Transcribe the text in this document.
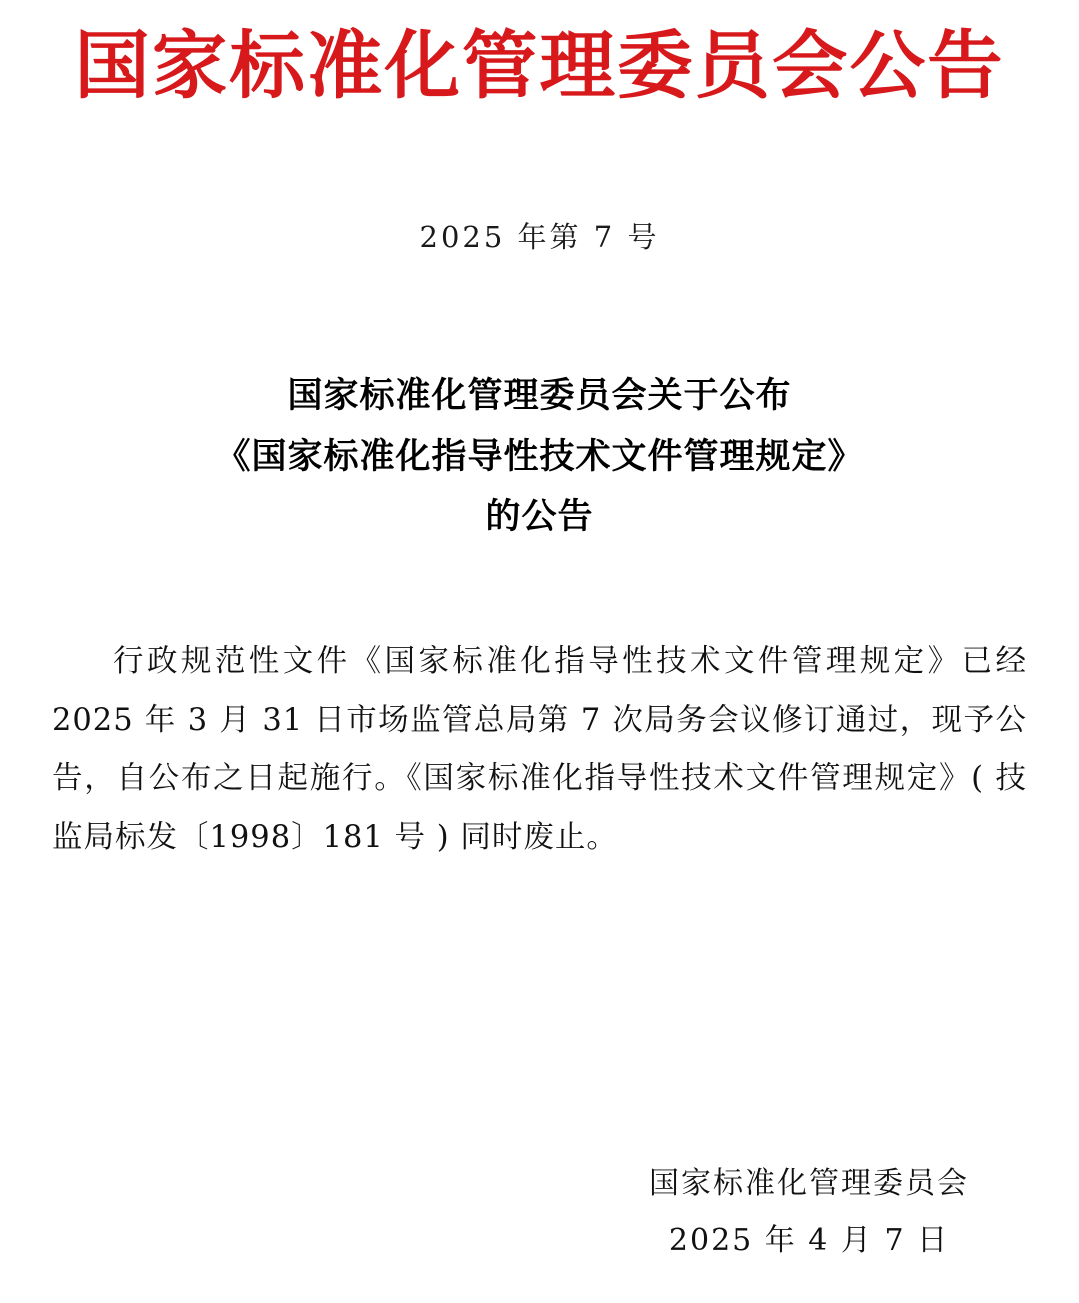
国家标准化管理委员会公告
2025 年第 7 号
国家标准化管理委员会关于公布
《国家标准化指导性技术文件管理规定》
的公告

行政规范性文件《国家标准化指导性技术文件管理规定》已经 2025 年 3 月 31 日市场监管总局第 7 次局务会议修订通过，现予公告，自公布之日起施行。《国家标准化指导性技术文件管理规定》( 技监局标发〔1998〕181 号 ) 同时废止。

国家标准化管理委员会
2025 年 4 月 7 日
